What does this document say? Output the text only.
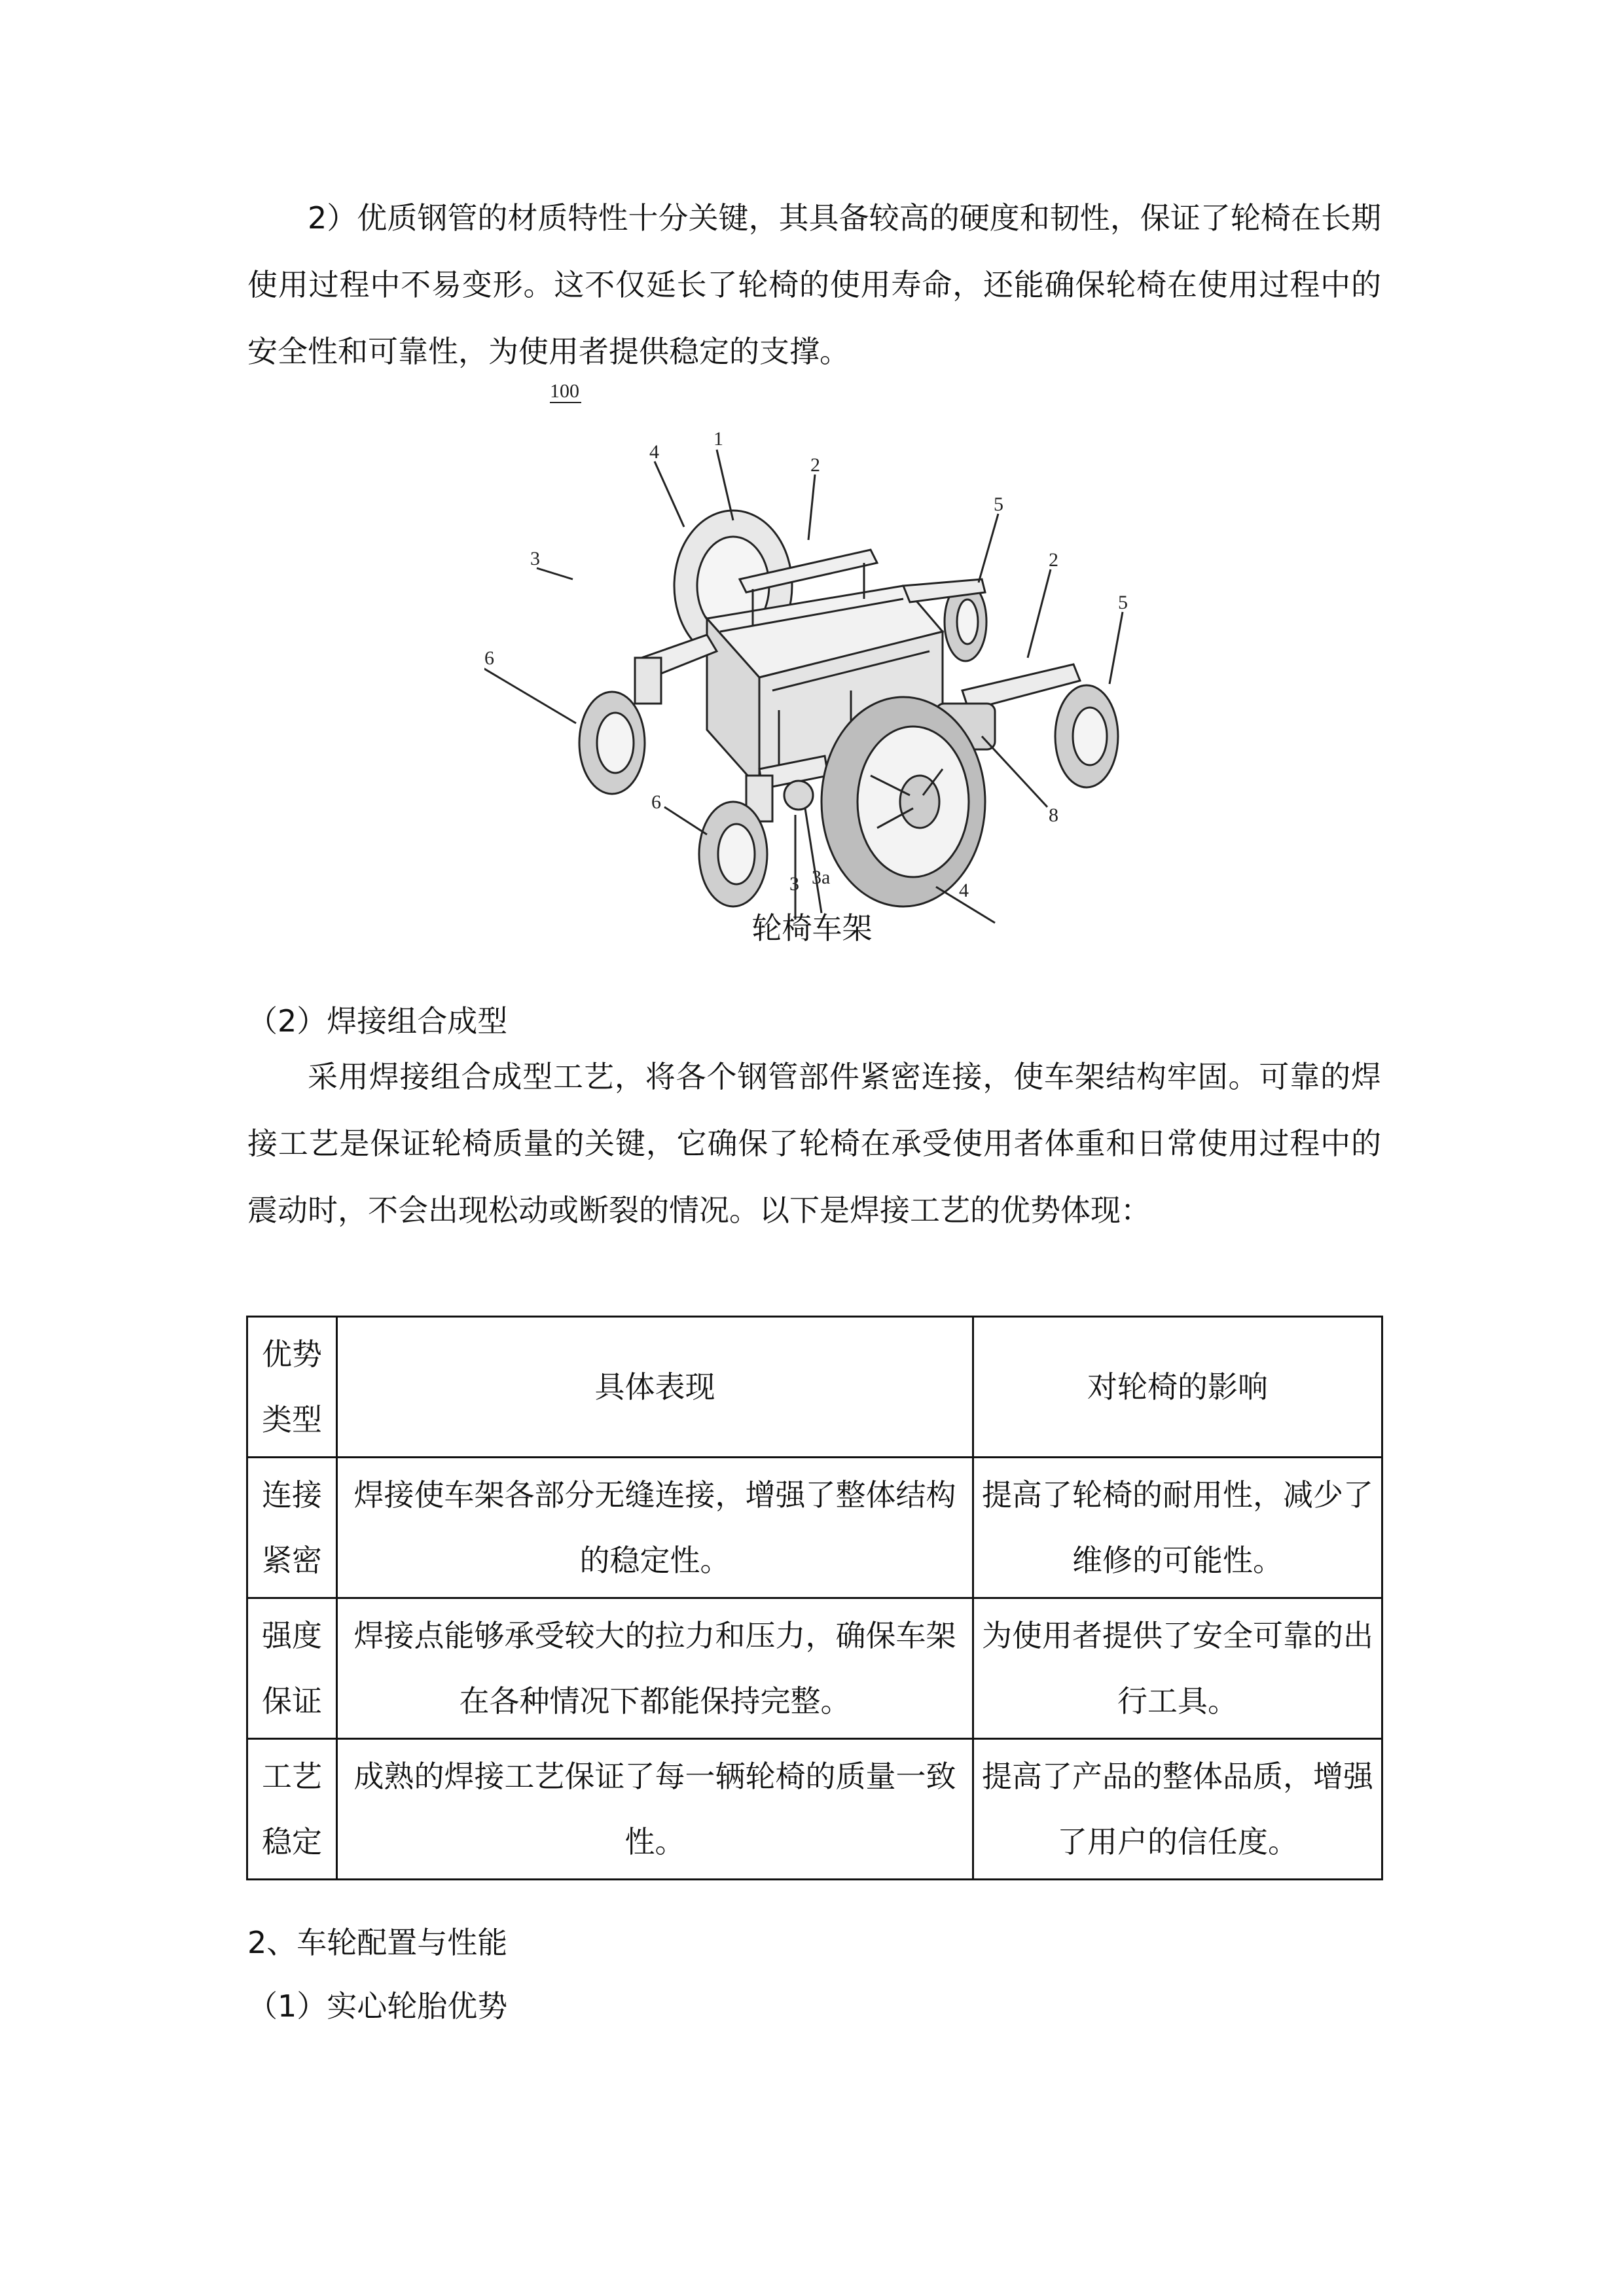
2）优质钢管的材质特性十分关键，其具备较高的硬度和韧性，保证了轮椅在长期使用过程中不易变形。这不仅延长了轮椅的使用寿命，还能确保轮椅在使用过程中的安全性和可靠性，为使用者提供稳定的支撑。

100
1
2
2
3
3 3a
4
4
5
5
6
6
8
轮椅车架
（2）焊接组合成型

采用焊接组合成型工艺，将各个钢管部件紧密连接，使车架结构牢固。可靠的焊接工艺是保证轮椅质量的关键，它确保了轮椅在承受使用者体重和日常使用过程中的震动时，不会出现松动或断裂的情况。以下是焊接工艺的优势体现：

优势类型	具体表现	对轮椅的影响
连接紧密	焊接使车架各部分无缝连接，增强了整体结构的稳定性。	提高了轮椅的耐用性，减少了维修的可能性。
强度保证	焊接点能够承受较大的拉力和压力，确保车架在各种情况下都能保持完整。	为使用者提供了安全可靠的出行工具。
工艺稳定	成熟的焊接工艺保证了每一辆轮椅的质量一致性。	提高了产品的整体品质，增强了用户的信任度。
2、车轮配置与性能
（1）实心轮胎优势
